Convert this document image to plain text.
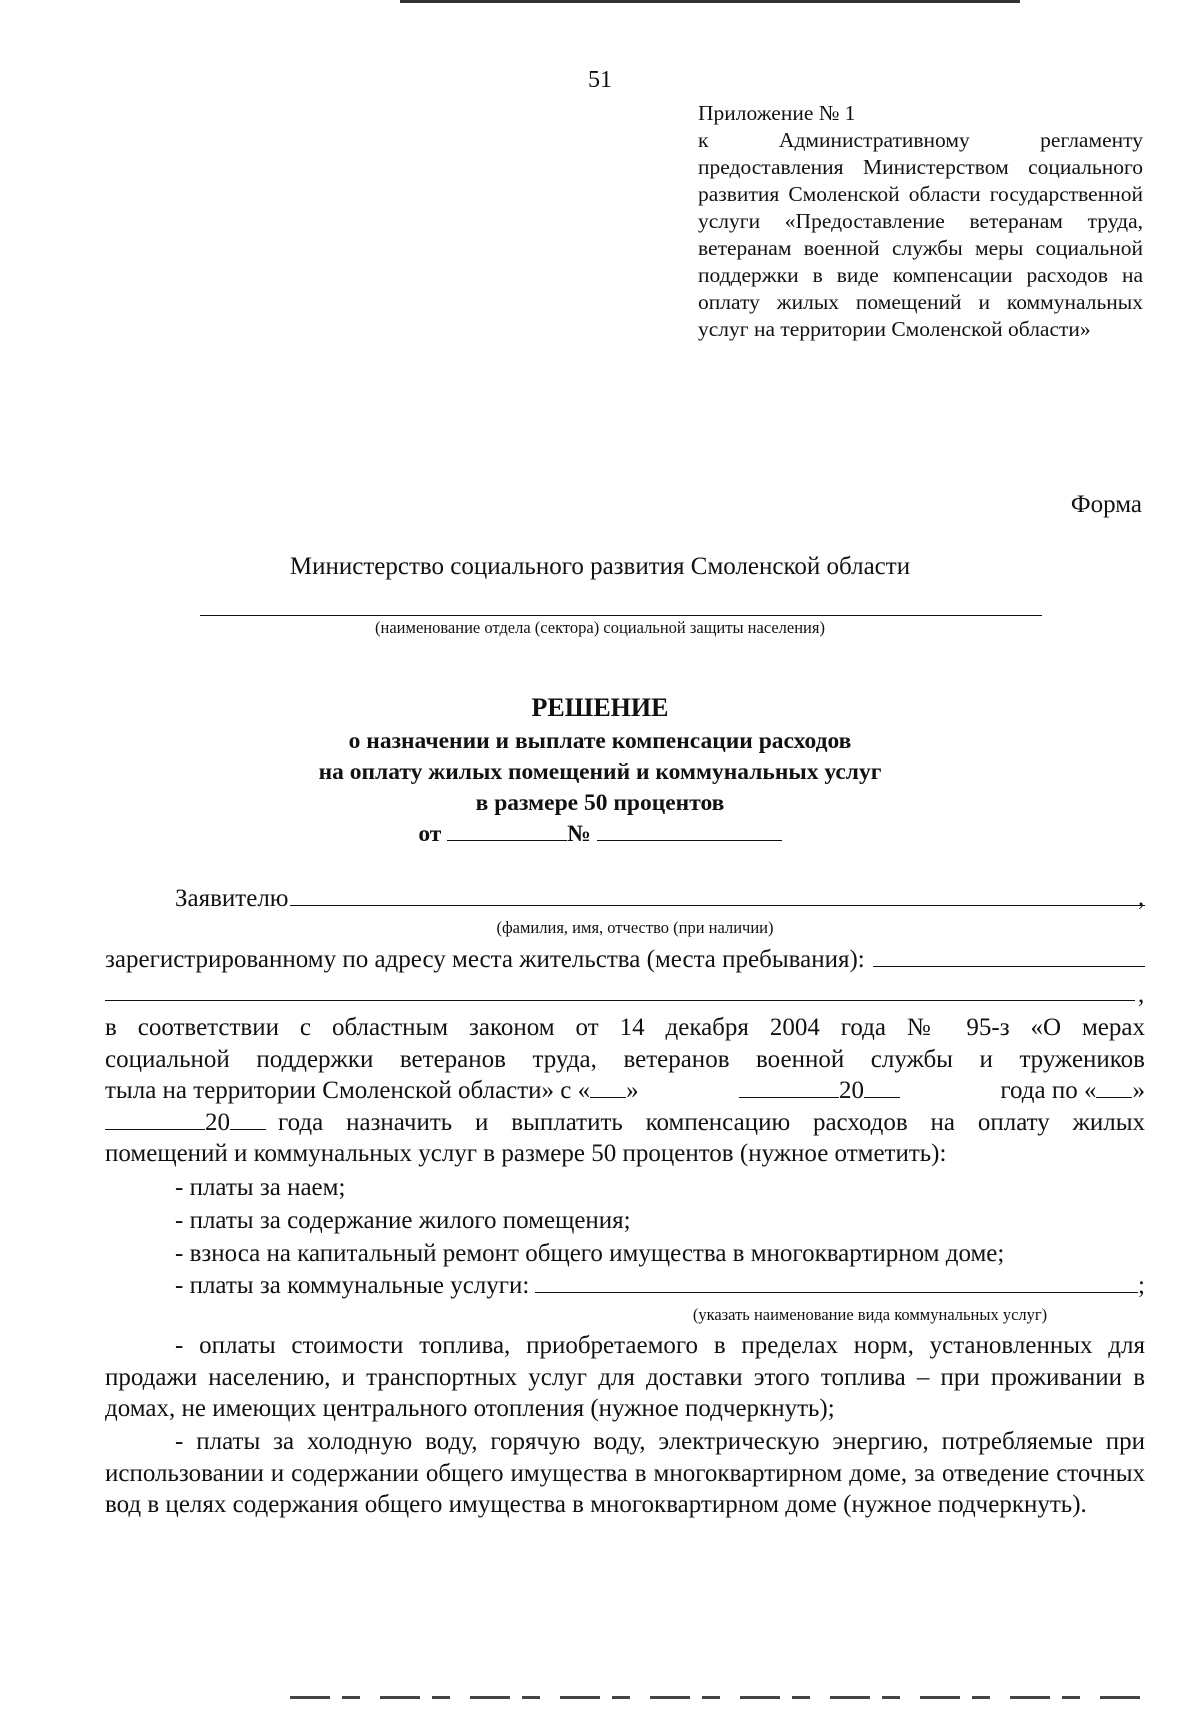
51
Приложение № 1
к Административному регламенту предоставления Министерством социального развития Смоленской области государственной услуги «Предоставление ветеранам труда, ветеранам военной службы меры социальной поддержки в виде компенсации расходов на оплату жилых помещений и коммунальных услуг на территории Смоленской области»
Форма
Министерство социального развития Смоленской области
(наименование отдела (сектора) социальной защиты населения)
РЕШЕНИЕ
о назначении и выплате компенсации расходов
на оплату жилых помещений и коммунальных услуг
в размере 50 процентов
от	№
Заявителю	,
(фамилия, имя, отчество (при наличии)
зарегистрированному по адресу места жительства (места пребывания):
,
в соответствии с областным законом от 14 декабря 2004 года № 95-з «О мерах
социальной поддержки ветеранов труда, ветеранов военной службы и тружеников
тыла на территории Смоленской области» с « »	20	года по « »
20	года назначить и выплатить компенсацию расходов на оплату жилых
помещений и коммунальных услуг в размере 50 процентов (нужное отметить):
- платы за наем;
- платы за содержание жилого помещения;
- взноса на капитальный ремонт общего имущества в многоквартирном доме;
- платы за коммунальные услуги:	;
(указать наименование вида коммунальных услуг)
- оплаты стоимости топлива, приобретаемого в пределах норм, установленных для продажи населению, и транспортных услуг для доставки этого топлива – при проживании в домах, не имеющих центрального отопления (нужное подчеркнуть);
- платы за холодную воду, горячую воду, электрическую энергию, потребляемые при использовании и содержании общего имущества в многоквартирном доме, за отведение сточных вод в целях содержания общего имущества в многоквартирном доме (нужное подчеркнуть).
